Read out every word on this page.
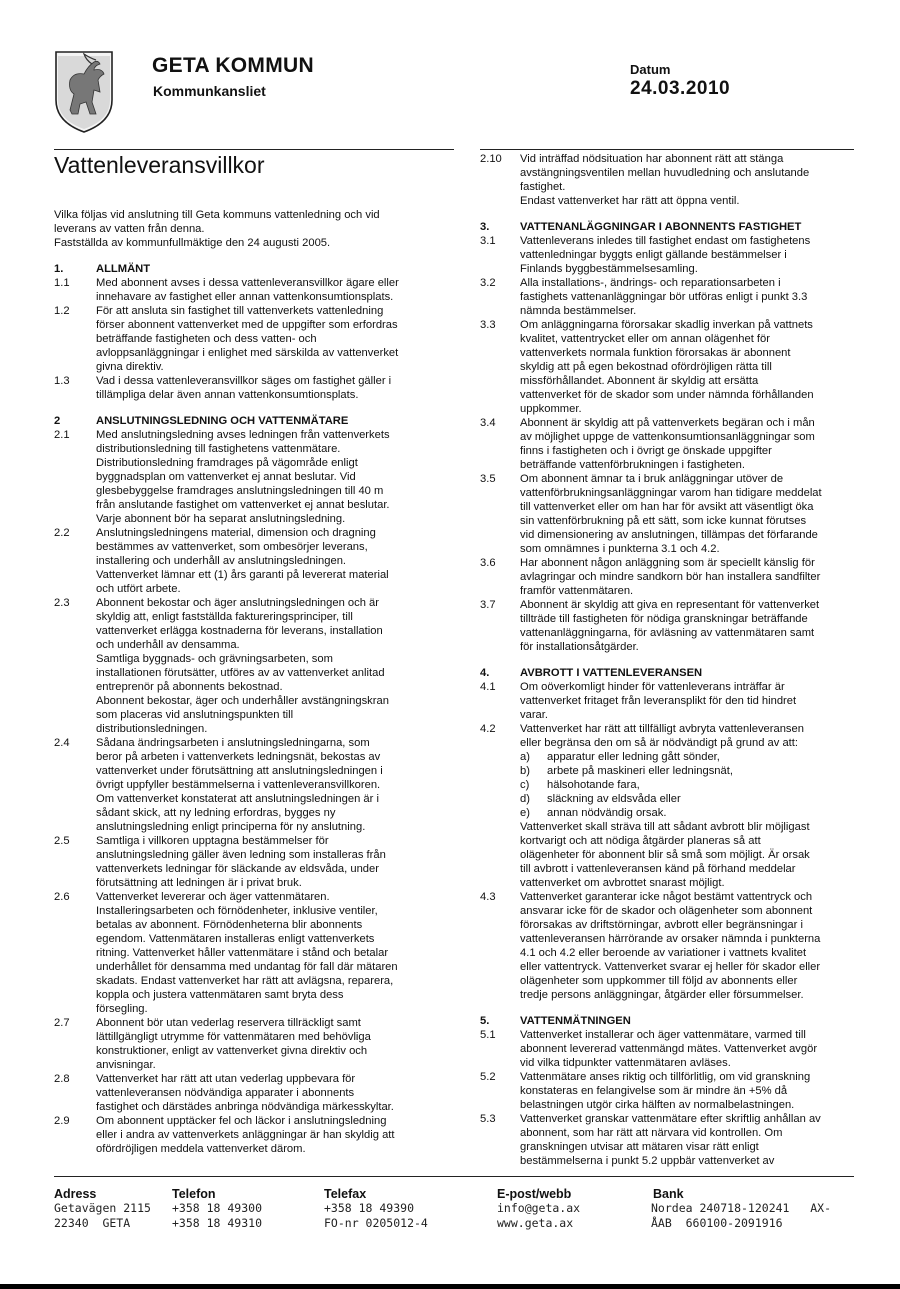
GETA KOMMUN
Kommunkansliet
Datum
24.03.2010
Vattenleveransvillkor

Vilka följas vid anslutning till Geta kommuns vattenledning och vid
leverans av vatten från denna.
Fastställda av kommunfullmäktige den 24 augusti 2005.

1.	ALLMÄNT
1.1	Med abonnent avses i dessa vattenleveransvillkor ägare eller
innehavare av fastighet eller annan vattenkonsumtionsplats.
1.2	För att ansluta sin fastighet till vattenverkets vattenledning
förser abonnent vattenverket med de uppgifter som erfordras
beträffande fastigheten och dess vatten- och
avloppsanläggningar i enlighet med särskilda av vattenverket
givna direktiv.
1.3	Vad i dessa vattenleveransvillkor säges om fastighet gäller i
tillämpliga delar även annan vattenkonsumtionsplats.
2	ANSLUTNINGSLEDNING OCH VATTENMÄTARE
2.1	Med anslutningsledning avses ledningen från vattenverkets
distributionsledning till fastighetens vattenmätare.
Distributionsledning framdrages på vägområde enligt
byggnadsplan om vattenverket ej annat beslutar. Vid
glesbebyggelse framdrages anslutningsledningen till 40 m
från anslutande fastighet om vattenverket ej annat beslutar.
Varje abonnent bör ha separat anslutningsledning.
2.2	Anslutningsledningens material, dimension och dragning
bestämmes av vattenverket, som ombesörjer leverans,
installering och underhåll av anslutningsledningen.
Vattenverket lämnar ett (1) års garanti på levererat material
och utfört arbete.
2.3	Abonnent bekostar och äger anslutningsledningen och är
skyldig att, enligt fastställda faktureringsprinciper, till
vattenverket erlägga kostnaderna för leverans, installation
och underhåll av densamma.
Samtliga byggnads- och grävningsarbeten, som
installationen förutsätter, utföres av av vattenverket anlitad
entreprenör på abonnents bekostnad.
Abonnent bekostar, äger och underhåller avstängningskran
som placeras vid anslutningspunkten till
distributionsledningen.
2.4	Sådana ändringsarbeten i anslutningsledningarna, som
beror på arbeten i vattenverkets ledningsnät, bekostas av
vattenverket under förutsättning att anslutningsledningen i
övrigt uppfyller bestämmelserna i vattenleveransvillkoren.
Om vattenverket konstaterat att anslutningsledningen är i
sådant skick, att ny ledning erfordras, bygges ny
anslutningsledning enligt principerna för ny anslutning.
2.5	Samtliga i villkoren upptagna bestämmelser för
anslutningsledning gäller även ledning som installeras från
vattenverkets ledningar för släckande av eldsvåda, under
förutsättning att ledningen är i privat bruk.
2.6	Vattenverket levererar och äger vattenmätaren.
Installeringsarbeten och förnödenheter, inklusive ventiler,
betalas av abonnent. Förnödenheterna blir abonnents
egendom. Vattenmätaren installeras enligt vattenverkets
ritning. Vattenverket håller vattenmätare i stånd och betalar
underhållet för densamma med undantag för fall där mätaren
skadats. Endast vattenverket har rätt att avlägsna, reparera,
koppla och justera vattenmätaren samt bryta dess
försegling.
2.7	Abonnent bör utan vederlag reservera tillräckligt samt
lättillgängligt utrymme för vattenmätaren med behövliga
konstruktioner, enligt av vattenverket givna direktiv och
anvisningar.
2.8	Vattenverket har rätt att utan vederlag uppbevara för
vattenleveransen nödvändiga apparater i abonnents
fastighet och därstädes anbringa nödvändiga märkesskyltar.
2.9	Om abonnent upptäcker fel och läckor i anslutningsledning
eller i andra av vattenverkets anläggningar är han skyldig att
ofördröjligen meddela vattenverket därom.
2.10	Vid inträffad nödsituation har abonnent rätt att stänga
avstängningsventilen mellan huvudledning och anslutande
fastighet.
Endast vattenverket har rätt att öppna ventil.
3.	VATTENANLÄGGNINGAR I ABONNENTS FASTIGHET
3.1	Vattenleverans inledes till fastighet endast om fastighetens
vattenledningar byggts enligt gällande bestämmelser i
Finlands byggbestämmelsesamling.
3.2	Alla installations-, ändrings- och reparationsarbeten i
fastighets vattenanläggningar bör utföras enligt i punkt 3.3
nämnda bestämmelser.
3.3	Om anläggningarna förorsakar skadlig inverkan på vattnets
kvalitet, vattentrycket eller om annan olägenhet för
vattenverkets normala funktion förorsakas är abonnent
skyldig att på egen bekostnad ofördröjligen rätta till
missförhållandet. Abonnent är skyldig att ersätta
vattenverket för de skador som under nämnda förhållanden
uppkommer.
3.4	Abonnent är skyldig att på vattenverkets begäran och i mån
av möjlighet uppge de vattenkonsumtionsanläggningar som
finns i fastigheten och i övrigt ge önskade uppgifter
beträffande vattenförbrukningen i fastigheten.
3.5	Om abonnent ämnar ta i bruk anläggningar utöver de
vattenförbrukningsanläggningar varom han tidigare meddelat
till vattenverket eller om han har för avsikt att väsentligt öka
sin vattenförbrukning på ett sätt, som icke kunnat förutses
vid dimensionering av anslutningen, tillämpas det förfarande
som omnämnes i punkterna 3.1 och 4.2.
3.6	Har abonnent någon anläggning som är speciellt känslig för
avlagringar och mindre sandkorn bör han installera sandfilter
framför vattenmätaren.
3.7	Abonnent är skyldig att giva en representant för vattenverket
tillträde till fastigheten för nödiga granskningar beträffande
vattenanläggningarna, för avläsning av vattenmätaren samt
för installationsåtgärder.
4.	AVBROTT I VATTENLEVERANSEN
4.1	Om oöverkomligt hinder för vattenleverans inträffar är
vattenverket fritaget från leveransplikt för den tid hindret
varar.
4.2	Vattenverket har rätt att tillfälligt avbryta vattenleveransen
eller begränsa den om så är nödvändigt på grund av att:
a)	apparatur eller ledning gått sönder,
b)	arbete på maskineri eller ledningsnät,
c)	hälsohotande fara,
d)	släckning av eldsvåda eller
e)	annan nödvändig orsak.
Vattenverket skall sträva till att sådant avbrott blir möjligast
kortvarigt och att nödiga åtgärder planeras så att
olägenheter för abonnent blir så små som möjligt. Är orsak
till avbrott i vattenleveransen känd på förhand meddelar
vattenverket om avbrottet snarast möjligt.
4.3	Vattenverket garanterar icke något bestämt vattentryck och
ansvarar icke för de skador och olägenheter som abonnent
förorsakas av driftstörningar, avbrott eller begränsningar i
vattenleveransen härrörande av orsaker nämnda i punkterna
4.1 och 4.2 eller beroende av variationer i vattnets kvalitet
eller vattentryck. Vattenverket svarar ej heller för skador eller
olägenheter som uppkommer till följd av abonnents eller
tredje persons anläggningar, åtgärder eller försummelser.
5.	VATTENMÄTNINGEN
5.1	Vattenverket installerar och äger vattenmätare, varmed till
abonnent levererad vattenmängd mätes. Vattenverket avgör
vid vilka tidpunkter vattenmätaren avläses.
5.2	Vattenmätare anses riktig och tillförlitlig, om vid granskning
konstateras en felangivelse som är mindre än +5% då
belastningen utgör cirka hälften av normalbelastningen.
5.3	Vattenverket granskar vattenmätare efter skriftlig anhållan av
abonnent, som har rätt att närvara vid kontrollen. Om
granskningen utvisar att mätaren visar rätt enligt
bestämmelserna i punkt 5.2 uppbär vattenverket av
Adress
Getavägen 2115
22340  GETA
Telefon
+358 18 49300
+358 18 49310
Telefax
+358 18 49390
FO-nr 0205012-4
E-post/webb
info@geta.ax
www.geta.ax
Bank
Nordea 240718-120241   AX-
ÅAB  660100-2091916
